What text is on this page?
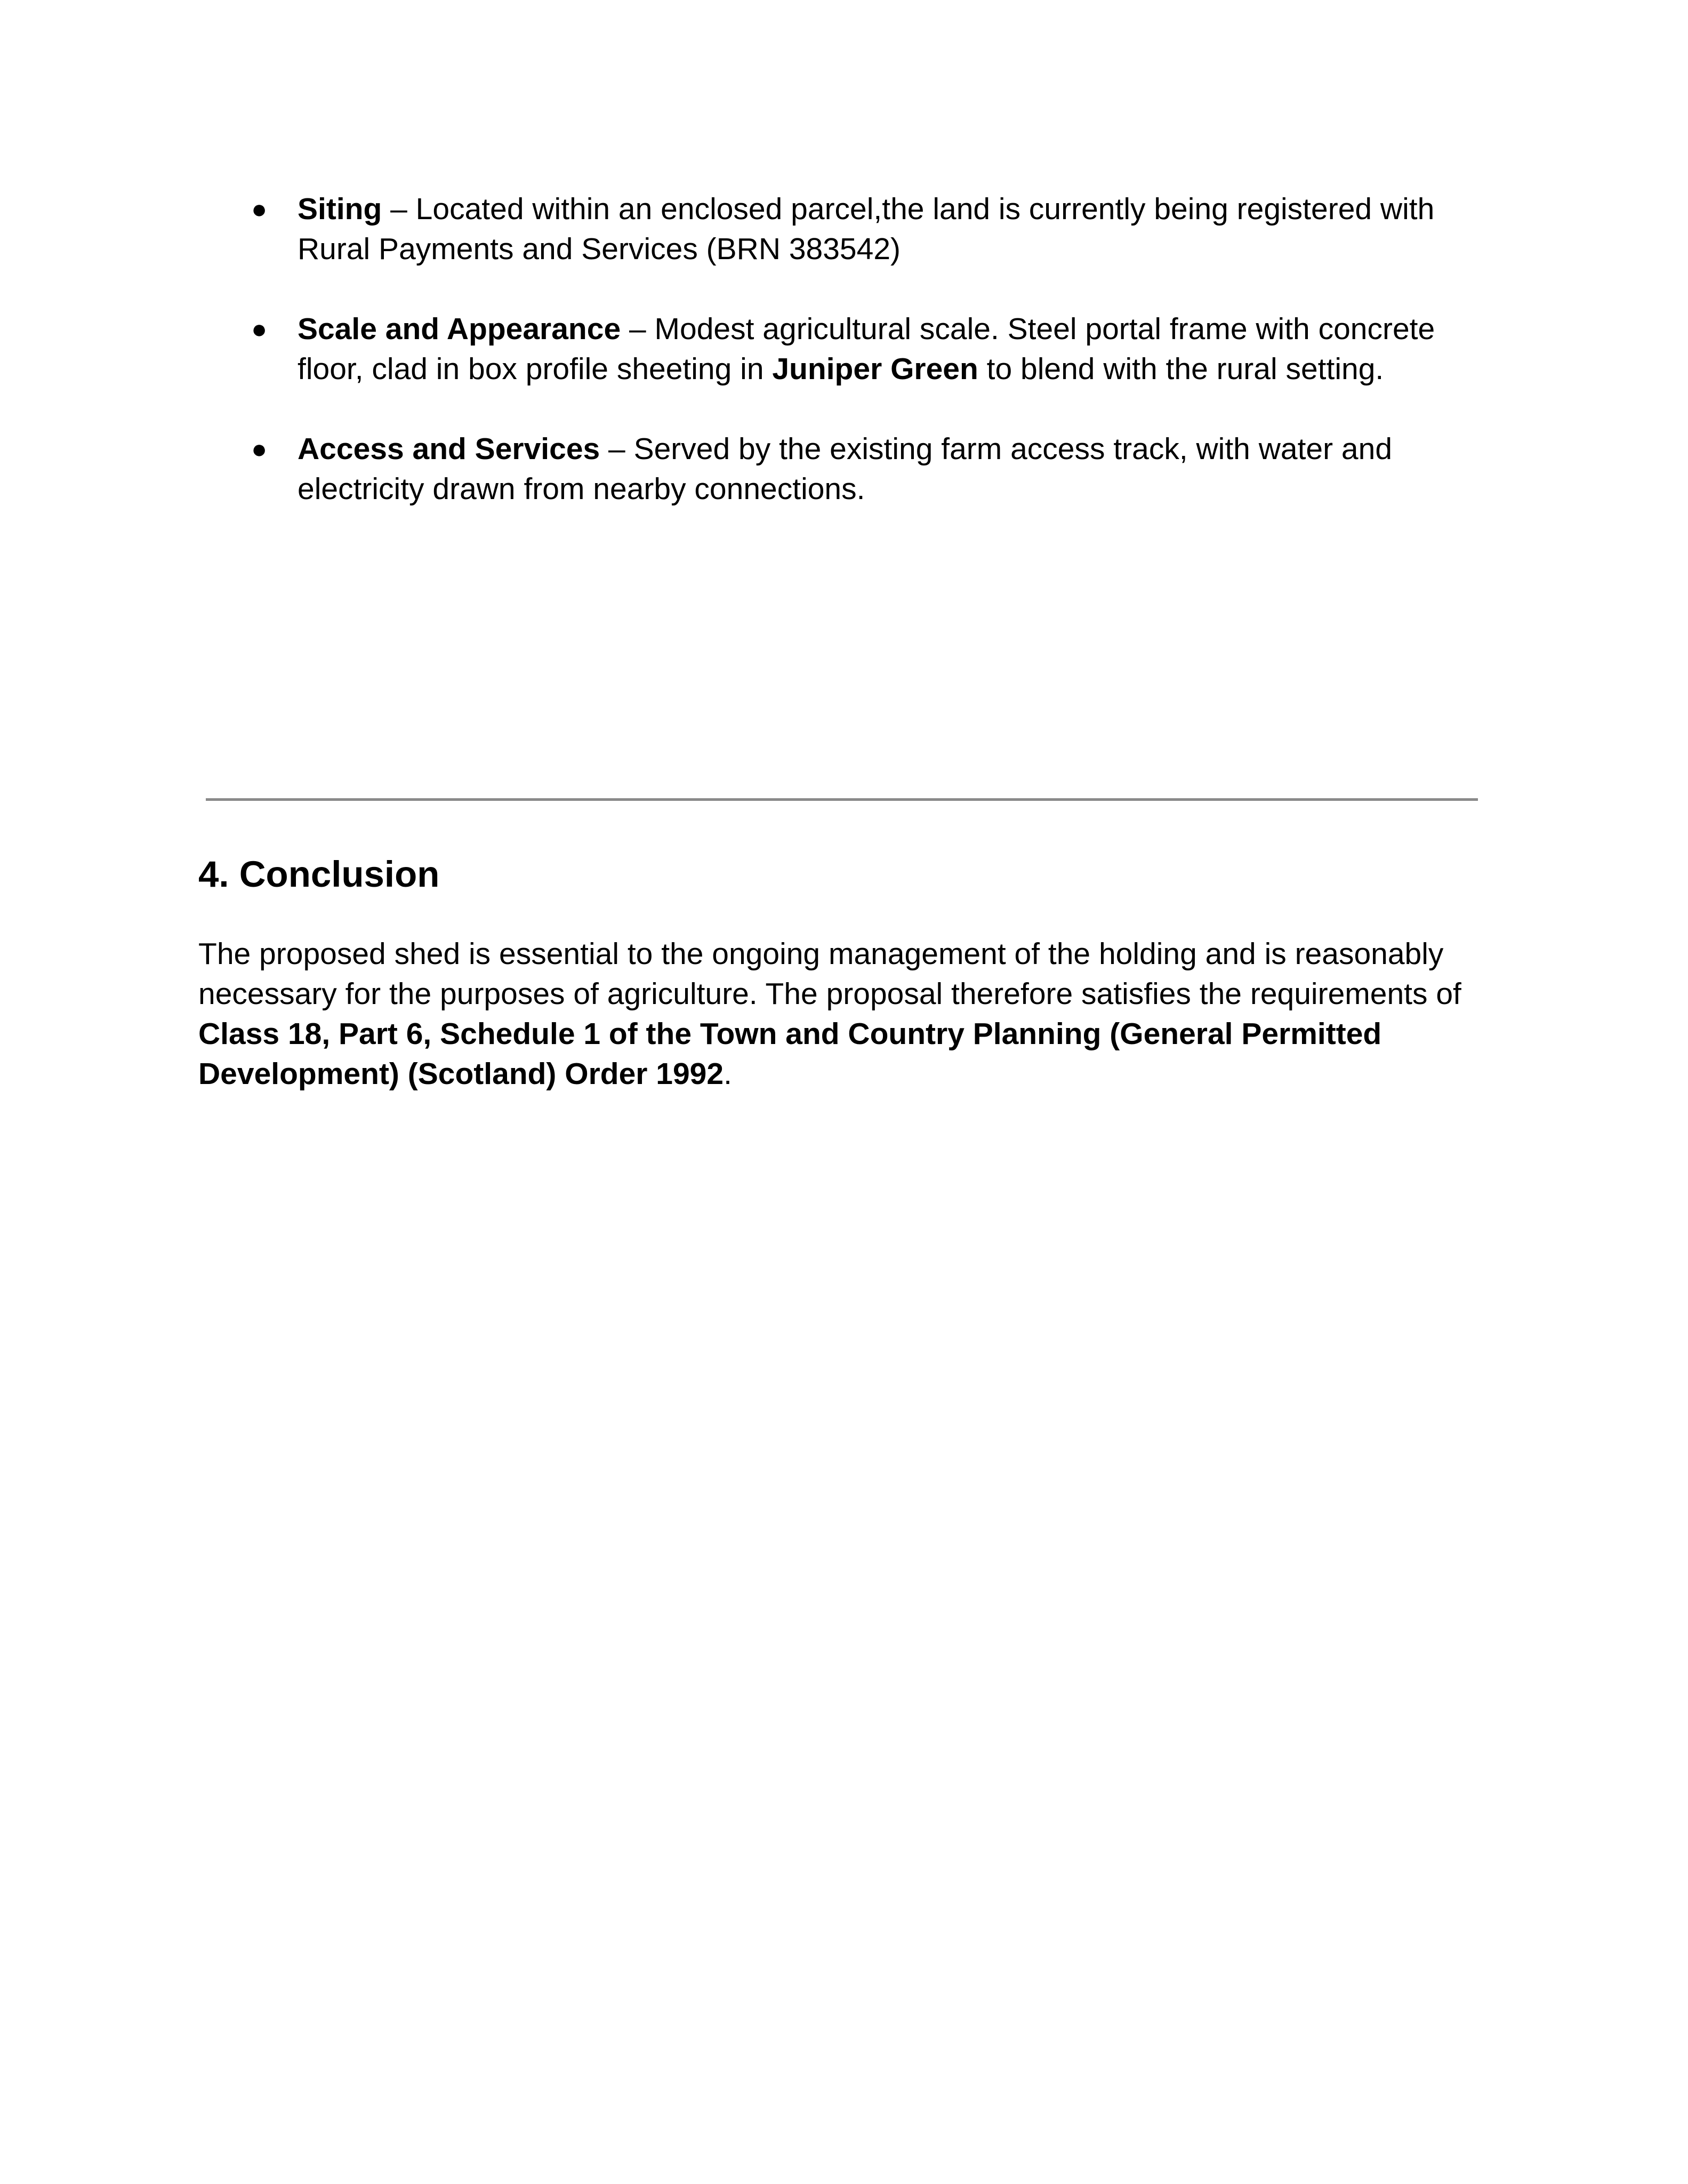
● Siting – Located within an enclosed parcel,the land is currently being registered with Rural Payments and Services (BRN 383542)
● Scale and Appearance – Modest agricultural scale. Steel portal frame with concrete floor, clad in box profile sheeting in Juniper Green to blend with the rural setting.
● Access and Services – Served by the existing farm access track, with water and electricity drawn from nearby connections.
4. Conclusion

The proposed shed is essential to the ongoing management of the holding and is reasonably necessary for the purposes of agriculture. The proposal therefore satisfies the requirements of Class 18, Part 6, Schedule 1 of the Town and Country Planning (General Permitted Development) (Scotland) Order 1992.
